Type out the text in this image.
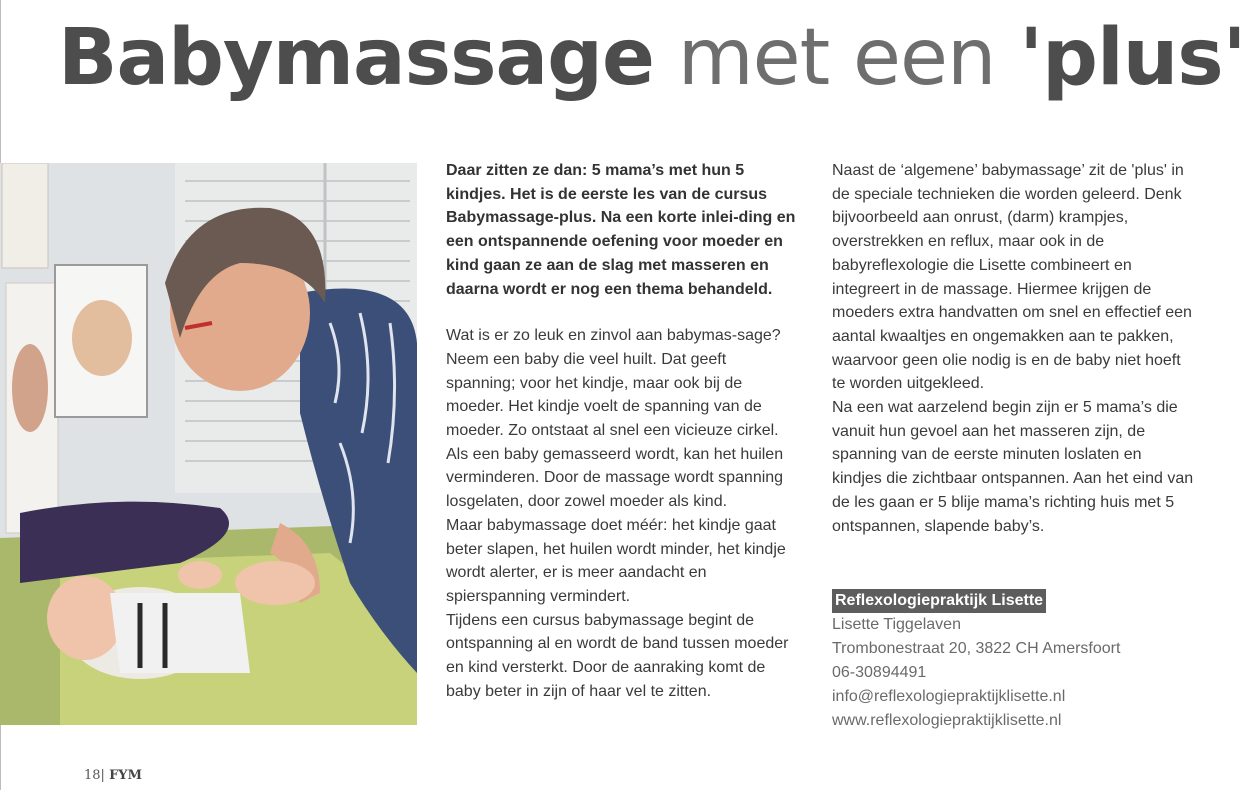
Babymassage met een 'plus'

Daar zitten ze dan: 5 mama’s met hun 5 kindjes. Het is de eerste les van de cursus Babymassage-plus. Na een korte inlei-ding en een ontspannende oefening voor moeder en kind gaan ze aan de slag met masseren en daarna wordt er nog een thema behandeld.

Wat is er zo leuk en zinvol aan babymas-sage? Neem een baby die veel huilt. Dat geeft spanning; voor het kindje, maar ook bij de moeder. Het kindje voelt de spanning van de moeder. Zo ontstaat al snel een vicieuze cirkel. Als een baby gemasseerd wordt, kan het huilen verminderen. Door de massage wordt spanning losgelaten, door zowel moeder als kind.

Maar babymassage doet méér: het kindje gaat beter slapen, het huilen wordt minder, het kindje wordt alerter, er is meer aandacht en spierspanning vermindert.

Tijdens een cursus babymassage begint de ontspanning al en wordt de band tussen moeder en kind versterkt. Door de aanraking komt de baby beter in zijn of haar vel te zitten.

Naast de ‘algemene’ babymassage’ zit de 'plus' in de speciale technieken die worden geleerd. Denk bijvoorbeeld aan onrust, (darm) krampjes, overstrekken en reflux, maar ook in de babyreflexologie die Lisette combineert en integreert in de massage. Hiermee krijgen de moeders extra handvatten om snel en effectief een aantal kwaaltjes en ongemakken aan te pakken, waarvoor geen olie nodig is en de baby niet hoeft te worden uitgekleed.

Na een wat aarzelend begin zijn er 5 mama’s die vanuit hun gevoel aan het masseren zijn, de spanning van de eerste minuten loslaten en kindjes die zichtbaar ontspannen. Aan het eind van de les gaan er 5 blije mama’s richting huis met 5 ontspannen, slapende baby’s.

Reflexologiepraktijk Lisette
Lisette Tiggelaven
Trombonestraat 20, 3822 CH Amersfoort
06-30894491
info@reflexologiepraktijklisette.nl
www.reflexologiepraktijklisette.nl
18| FYM
